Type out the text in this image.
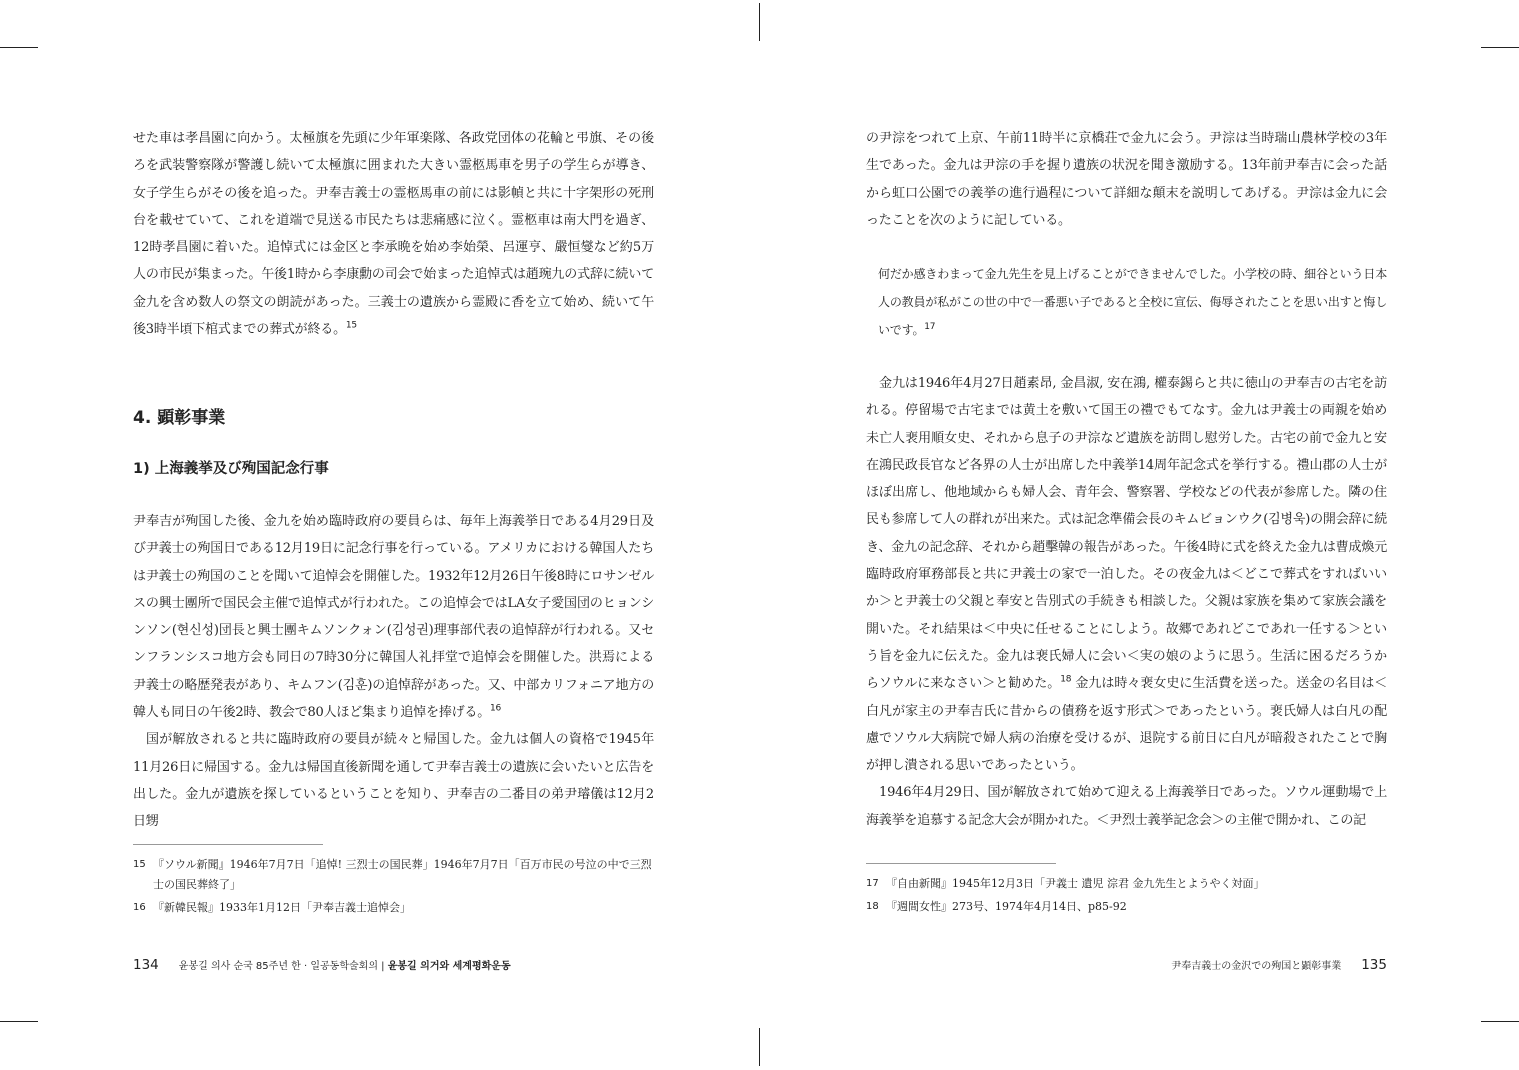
せた車は孝昌園に向かう。太極旗を先頭に少年軍楽隊、各政党団体の花輪と弔旗、その後ろを武装警察隊が警護し続いて太極旗に囲まれた大きい霊柩馬車を男子の学生らが導き、女子学生らがその後を追った。尹奉吉義士の霊柩馬車の前には影幀と共に十字架形の死刑台を載せていて、これを道端で見送る市民たちは悲痛感に泣く。霊柩車は南大門を過ぎ、12時孝昌園に着いた。追悼式には金区と李承晩を始め李始榮、呂運亨、嚴恒燮など約5万人の市民が集まった。午後1時から李康勳の司会で始まった追悼式は趙琬九の式辞に続いて金九を含め数人の祭文の朗読があった。三義士の遺族から霊殿に香を立て始め、続いて午後3時半頃下棺式までの葬式が終る。$^{15}$

4. 顕彰事業
1) 上海義挙及び殉国記念行事

尹奉吉が殉国した後、金九を始め臨時政府の要員らは、毎年上海義挙日である4月29日及び尹義士の殉国日である12月19日に記念行事を行っている。アメリカにおける韓国人たちは尹義士の殉国のことを聞いて追悼会を開催した。1932年12月26日午後8時にロサンゼルスの興士團所で国民会主催で追悼式が行われた。この追悼会ではLA女子愛国団のヒョンシンソン(현신성)団長と興士團キムソンクォン(김성권)理事部代表の追悼辞が行われる。又センフランシスコ地方会も同日の7時30分に韓国人礼拝堂で追悼会を開催した。洪焉による尹義士の略歴発表があり、キムフン(김훈)の追悼辞があった。又、中部カリフォニア地方の韓人も同日の午後2時、教会で80人ほど集まり追悼を捧げる。$^{16}$

国が解放されると共に臨時政府の要員が続々と帰国した。金九は個人の資格で1945年11月26日に帰国する。金九は帰国直後新聞を通して尹奉吉義士の遺族に会いたいと広告を出した。金九が遺族を探しているということを知り、尹奉吉の二番目の弟尹璿儀は12月2日甥

15 『ソウル新聞』1946年7月7日「追悼! 三烈士の国民葬」1946年7月7日「百万市民の号泣の中で三烈士の国民葬終了」
16 『新韓民報』1933年1月12日「尹奉吉義士追悼会」
134 윤봉길 의사 순국 85주년 한 · 일공동학술회의 | 윤봉길 의거와 세계평화운동

の尹淙をつれて上京、午前11時半に京橋荘で金九に会う。尹淙は当時瑞山農林学校の3年生であった。金九は尹淙の手を握り遺族の状況を聞き激励する。13年前尹奉吉に会った話から虹口公園での義挙の進行過程について詳細な顛末を説明してあげる。尹淙は金九に会ったことを次のように記している。

何だか感きわまって金九先生を見上げることができませんでした。小学校の時、細谷という日本人の教員が私がこの世の中で一番悪い子であると全校に宣伝、侮辱されたことを思い出すと悔しいです。$^{17}$

金九は1946年4月27日趙素昂, 金昌淑, 安在鴻, 權泰錫らと共に徳山の尹奉吉の古宅を訪れる。停留場で古宅までは黄土を敷いて国王の禮でもてなす。金九は尹義士の両親を始め未亡人裵用順女史、それから息子の尹淙など遺族を訪問し慰労した。古宅の前で金九と安在鴻民政長官など各界の人士が出席した中義挙14周年記念式を挙行する。禮山郡の人士がほぼ出席し、他地域からも婦人会、青年会、警察署、学校などの代表が参席した。隣の住民も参席して人の群れが出来た。式は記念準備会長のキムビョンウク(김병욱)の開会辞に続き、金九の記念辞、それから趙擊韓の報告があった。午後4時に式を終えた金九は曹成煥元臨時政府軍務部長と共に尹義士の家で一泊した。その夜金九は＜どこで葬式をすればいいか＞と尹義士の父親と奉安と告別式の手続きも相談した。父親は家族を集めて家族会議を開いた。それ結果は＜中央に任せることにしよう。故郷であれどこであれ一任する＞という旨を金九に伝えた。金九は裵氏婦人に会い＜実の娘のように思う。生活に困るだろうからソウルに来なさい＞と勧めた。$^{18}$ 金九は時々裵女史に生活費を送った。送金の名目は＜白凡が家主の尹奉吉氏に昔からの債務を返す形式＞であったという。裵氏婦人は白凡の配慮でソウル大病院で婦人病の治療を受けるが、退院する前日に白凡が暗殺されたことで胸が押し潰される思いであったという。

1946年4月29日、国が解放されて始めて迎える上海義挙日であった。ソウル運動場で上海義挙を追慕する記念大会が開かれた。＜尹烈士義挙記念会＞の主催で開かれ、この記

17 『自由新聞』1945年12月3日「尹義士 遺児 淙君 金九先生とようやく対面」
18 『週間女性』273号、1974年4月14日、p85-92
尹奉吉義士の金沢での殉国と顕彰事業 135
